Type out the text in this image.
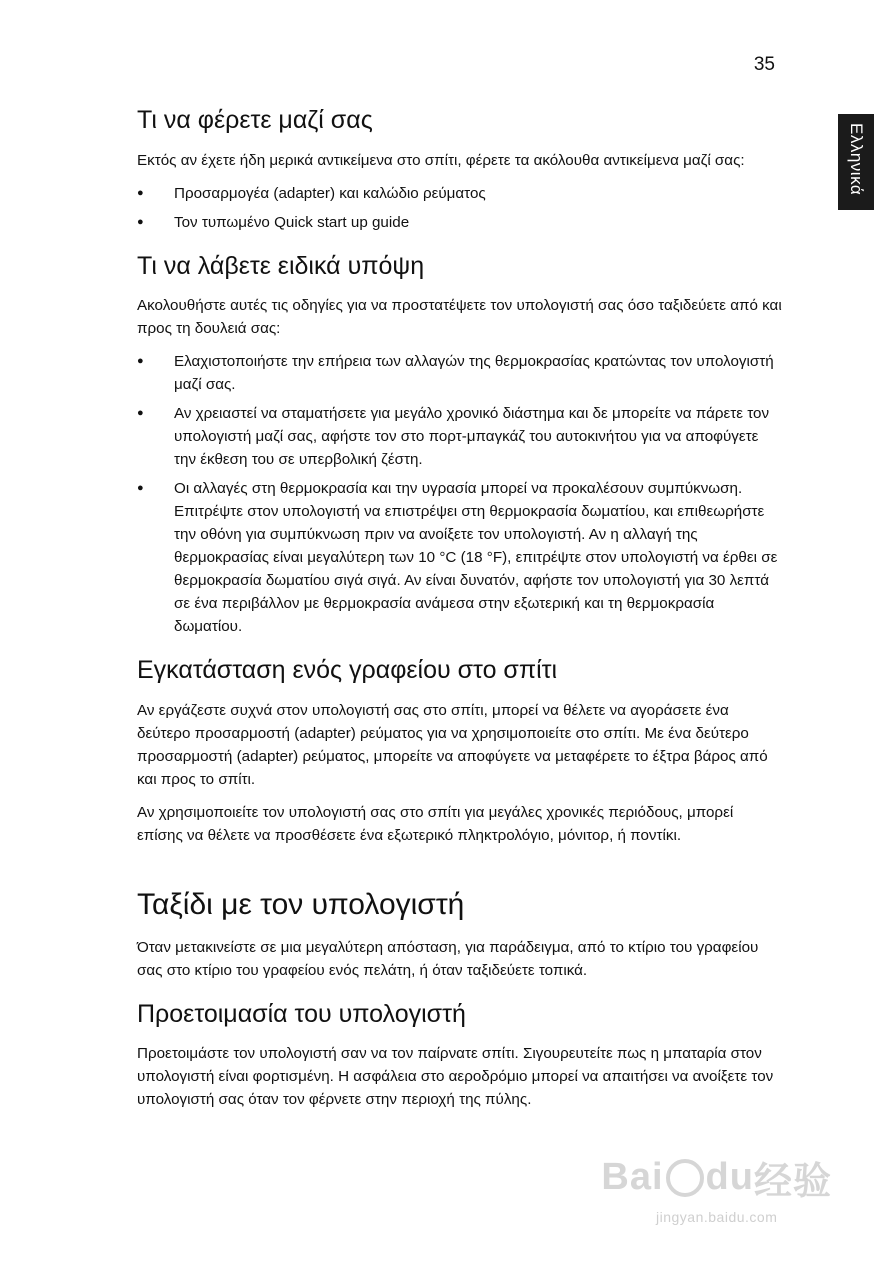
35
Ελληνικά
Τι να φέρετε μαζί σας

Εκτός αν έχετε ήδη μερικά αντικείμενα στο σπίτι, φέρετε τα ακόλουθα αντικείμενα μαζί σας:

● Προσαρμογέα (adapter) και καλώδιο ρεύματος
● Τον τυπωμένο Quick start up guide
Τι να λάβετε ειδικά υπόψη

Ακολουθήστε αυτές τις οδηγίες για να προστατέψετε τον υπολογιστή σας όσο ταξιδεύετε από και προς τη δουλειά σας:

● Ελαχιστοποιήστε την επήρεια των αλλαγών της θερμοκρασίας κρατώντας τον υπολογιστή μαζί σας.
● Αν χρειαστεί να σταματήσετε για μεγάλο χρονικό διάστημα και δε μπορείτε να πάρετε τον υπολογιστή μαζί σας, αφήστε τον στο πορτ-μπαγκάζ του αυτοκινήτου για να αποφύγετε την έκθεση του σε υπερβολική ζέστη.
● Οι αλλαγές στη θερμοκρασία και την υγρασία μπορεί να προκαλέσουν συμπύκνωση. Επιτρέψτε στον υπολογιστή να επιστρέψει στη θερμοκρασία δωματίου, και επιθεωρήστε την οθόνη για συμπύκνωση πριν να ανοίξετε τον υπολογιστή. Αν η αλλαγή της θερμοκρασίας είναι μεγαλύτερη των 10 °C (18 °F), επιτρέψτε στον υπολογιστή να έρθει σε θερμοκρασία δωματίου σιγά σιγά. Αν είναι δυνατόν, αφήστε τον υπολογιστή για 30 λεπτά σε ένα περιβάλλον με θερμοκρασία ανάμεσα στην εξωτερική και τη θερμοκρασία δωματίου.
Εγκατάσταση ενός γραφείου στο σπίτι

Αν εργάζεστε συχνά στον υπολογιστή σας στο σπίτι, μπορεί να θέλετε να αγοράσετε ένα δεύτερο προσαρμοστή (adapter) ρεύματος για να χρησιμοποιείτε στο σπίτι. Με ένα δεύτερο προσαρμοστή (adapter) ρεύματος, μπορείτε να αποφύγετε να μεταφέρετε το έξτρα βάρος από και προς το σπίτι.

Αν χρησιμοποιείτε τον υπολογιστή σας στο σπίτι για μεγάλες χρονικές περιόδους, μπορεί επίσης να θέλετε να προσθέσετε ένα εξωτερικό πληκτρολόγιο, μόνιτορ, ή ποντίκι.

Ταξίδι με τον υπολογιστή

Όταν μετακινείστε σε μια μεγαλύτερη απόσταση, για παράδειγμα, από το κτίριο του γραφείου σας στο κτίριο του γραφείου ενός πελάτη, ή όταν ταξιδεύετε τοπικά.

Προετοιμασία του υπολογιστή

Προετοιμάστε τον υπολογιστή σαν να τον παίρνατε σπίτι. Σιγουρευτείτε πως η μπαταρία στον υπολογιστή είναι φορτισμένη. Η ασφάλεια στο αεροδρόμιο μπορεί να απαιτήσει να ανοίξετε τον υπολογιστή σας όταν τον φέρνετε στην περιοχή της πύλης.

Bai du 经验
jingyan.baidu.com
